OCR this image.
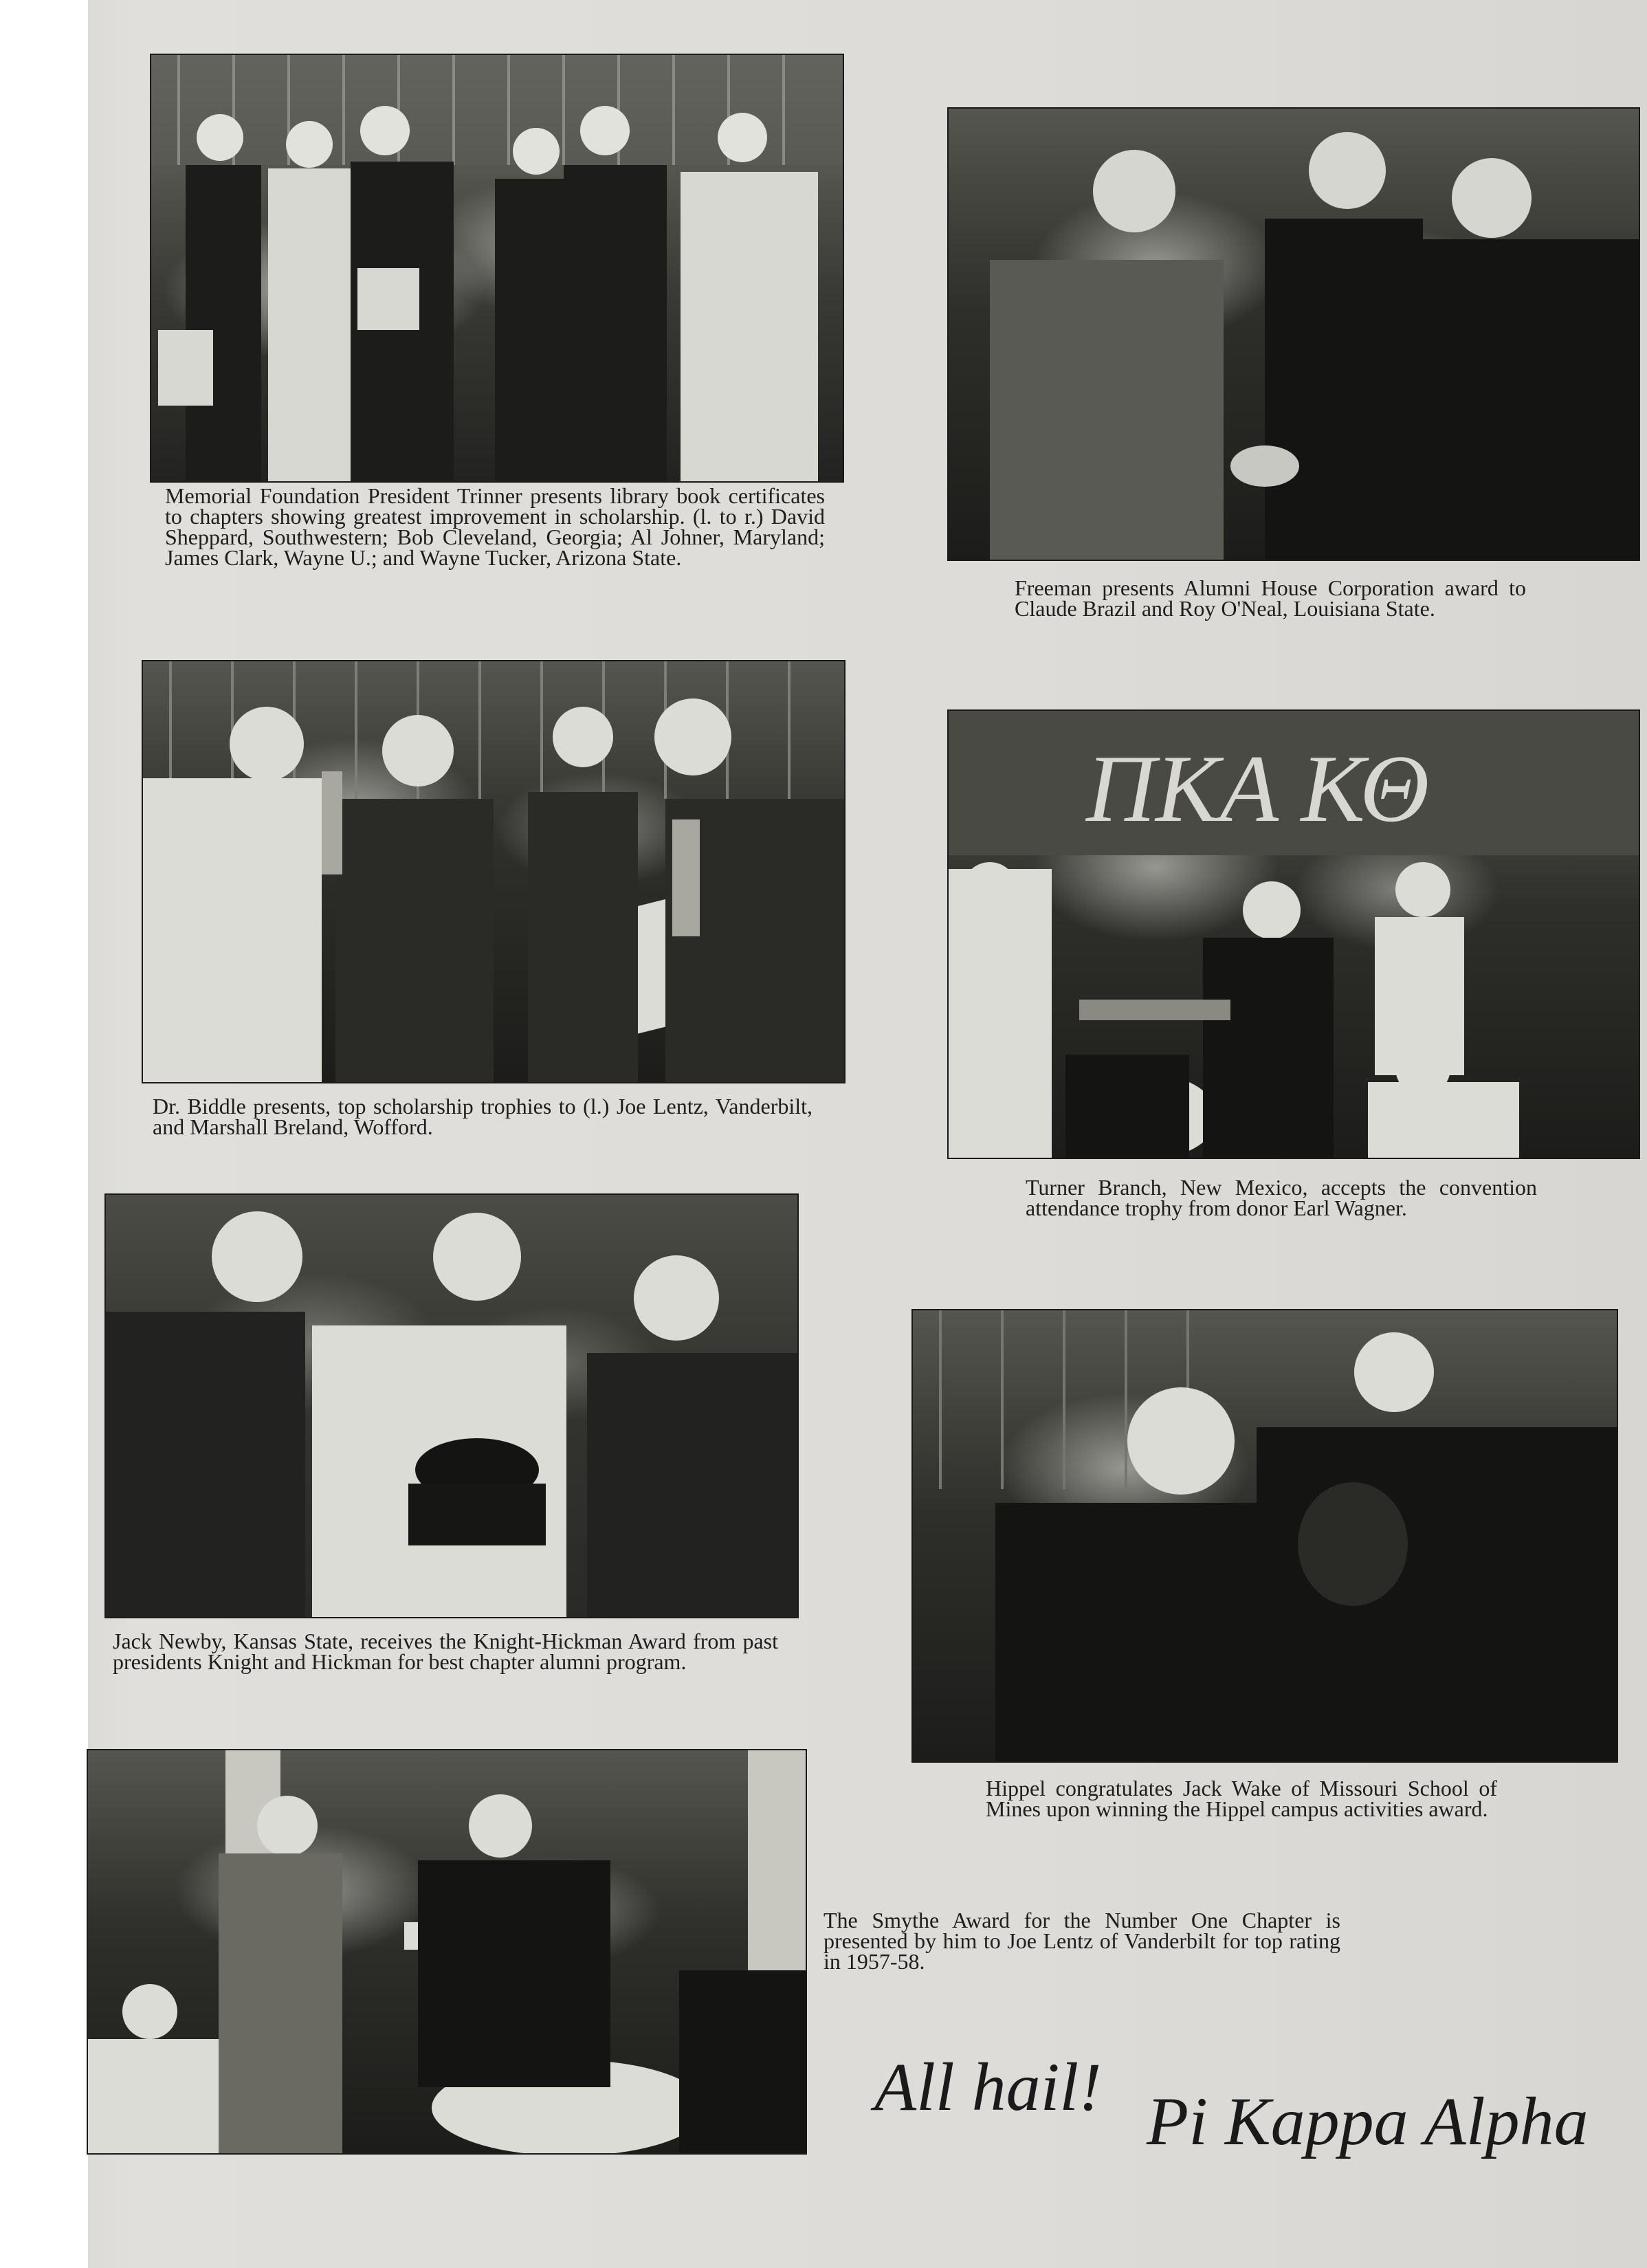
Memorial Foundation President Trinner presents library book certificates to chapters showing greatest improvement in scholarship. (l. to r.) David Sheppard, Southwestern; Bob Cleveland, Georgia; Al Johner, Maryland; James Clark, Wayne U.; and Wayne Tucker, Arizona State.

Freeman presents Alumni House Corporation award to Claude Brazil and Roy O'Neal, Louisiana State.

Dr. Biddle presents, top scholarship trophies to (l.) Joe Lentz, Vanderbilt, and Marshall Breland, Wofford.

ΠΚΑ ΚΘ

Turner Branch, New Mexico, accepts the convention attendance trophy from donor Earl Wagner.

Jack Newby, Kansas State, receives the Knight-Hickman Award from past presidents Knight and Hickman for best chapter alumni program.

Hippel congratulates Jack Wake of Missouri School of Mines upon winning the Hippel campus activities award.

The Smythe Award for the Number One Chapter is presented by him to Joe Lentz of Vanderbilt for top rating in 1957-58.

All hail! Pi Kappa Alpha
